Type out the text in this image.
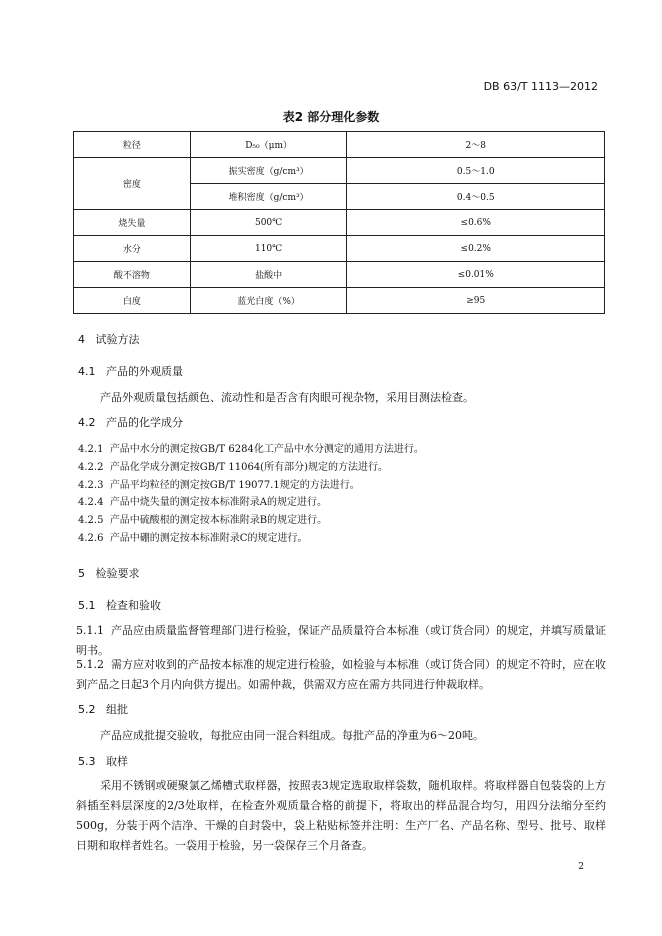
DB 63/T 1113—2012
表2 部分理化参数
粒径	D₅₀（μm）	2～8
密度	振实密度（g/cm³）	0.5～1.0
	堆积密度（g/cm³）	0.4～0.5
烧失量	500℃	≤0.6%
水分	110℃	≤0.2%
酸不溶物	盐酸中	≤0.01%
白度	蓝光白度（%）	≥95
4 试验方法
4.1 产品的外观质量
产品外观质量包括颜色、流动性和是否含有肉眼可视杂物，采用目测法检查。
4.2 产品的化学成分
4.2.1 产品中水分的测定按GB/T 6284化工产品中水分测定的通用方法进行。
4.2.2 产品化学成分测定按GB/T 11064(所有部分)规定的方法进行。
4.2.3 产品平均粒径的测定按GB/T 19077.1规定的方法进行。
4.2.4 产品中烧失量的测定按本标准附录A的规定进行。
4.2.5 产品中硫酸根的测定按本标准附录B的规定进行。
4.2.6 产品中硼的测定按本标准附录C的规定进行。
5 检验要求
5.1 检查和验收
5.1.1 产品应由质量监督管理部门进行检验，保证产品质量符合本标准（或订货合同）的规定，并填写质量证明书。
5.1.2 需方应对收到的产品按本标准的规定进行检验，如检验与本标准（或订货合同）的规定不符时，应在收到产品之日起3个月内向供方提出。如需仲裁，供需双方应在需方共同进行仲裁取样。
5.2 组批
产品应成批提交验收，每批应由同一混合料组成。每批产品的净重为6～20吨。
5.3 取样
采用不锈钢或硬聚氯乙烯槽式取样器，按照表3规定选取取样袋数，随机取样。将取样器自包装袋的上方斜插至料层深度的2/3处取样，在检查外观质量合格的前提下，将取出的样品混合均匀，用四分法缩分至约500g，分装于两个洁净、干燥的自封袋中，袋上粘贴标签并注明：生产厂名、产品名称、型号、批号、取样日期和取样者姓名。一袋用于检验，另一袋保存三个月备查。
2
